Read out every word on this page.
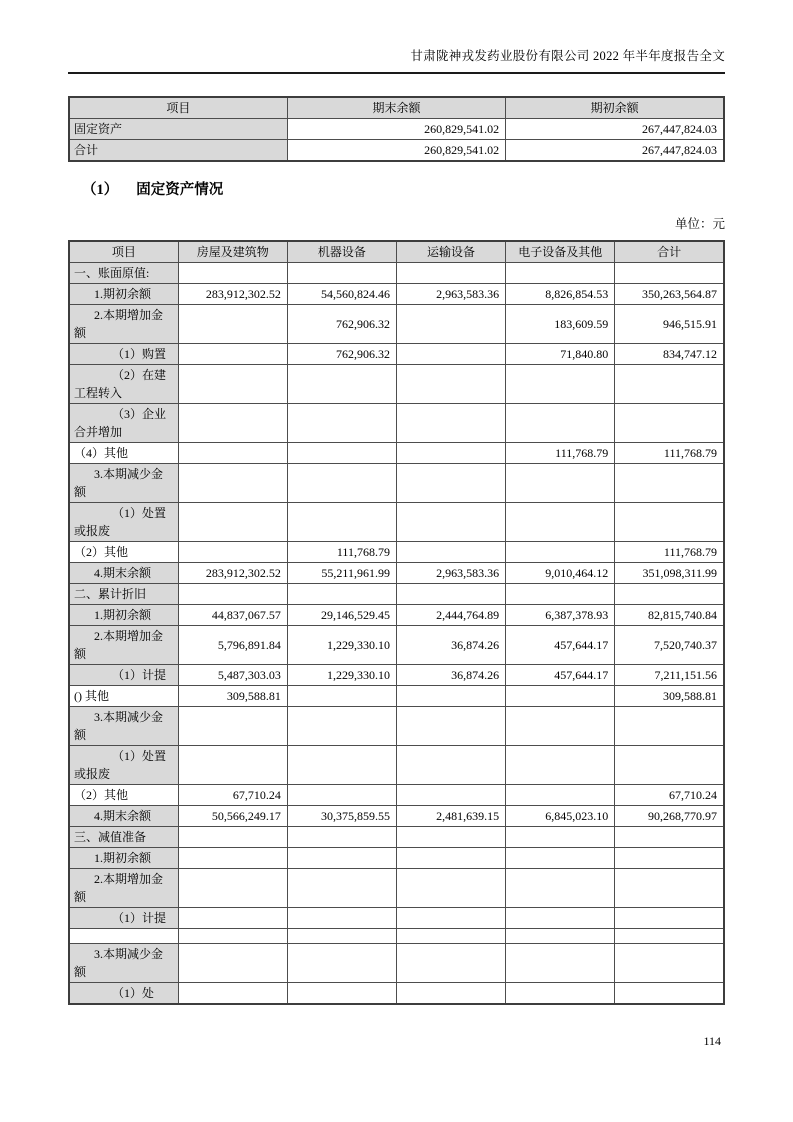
甘肃陇神戎发药业股份有限公司 2022 年半年度报告全文
项目	期末余额	期初余额
固定资产	260,829,541.02	267,447,824.03
合计	260,829,541.02	267,447,824.03
（1） 固定资产情况
单位：元
项目	房屋及建筑物	机器设备	运输设备	电子设备及其他	合计
一、账面原值:					
1.期初余额	283,912,302.52	54,560,824.46	2,963,583.36	8,826,854.53	350,263,564.87
2.本期增加金额		762,906.32		183,609.59	946,515.91
（1）购置		762,906.32		71,840.80	834,747.12
（2）在建工程转入					
（3）企业合并增加					
（4）其他				111,768.79	111,768.79
3.本期减少金额					
（1）处置或报废					
（2）其他		111,768.79			111,768.79
4.期末余额	283,912,302.52	55,211,961.99	2,963,583.36	9,010,464.12	351,098,311.99
二、累计折旧					
1.期初余额	44,837,067.57	29,146,529.45	2,444,764.89	6,387,378.93	82,815,740.84
2.本期增加金额	5,796,891.84	1,229,330.10	36,874.26	457,644.17	7,520,740.37
（1）计提	5,487,303.03	1,229,330.10	36,874.26	457,644.17	7,211,151.56
() 其他	309,588.81				309,588.81
3.本期减少金额					
（1）处置或报废					
（2）其他	67,710.24				67,710.24
4.期末余额	50,566,249.17	30,375,859.55	2,481,639.15	6,845,023.10	90,268,770.97
三、减值准备					
1.期初余额					
2.本期增加金额					
（1）计提					

3.本期减少金额					
（1）处					
114
